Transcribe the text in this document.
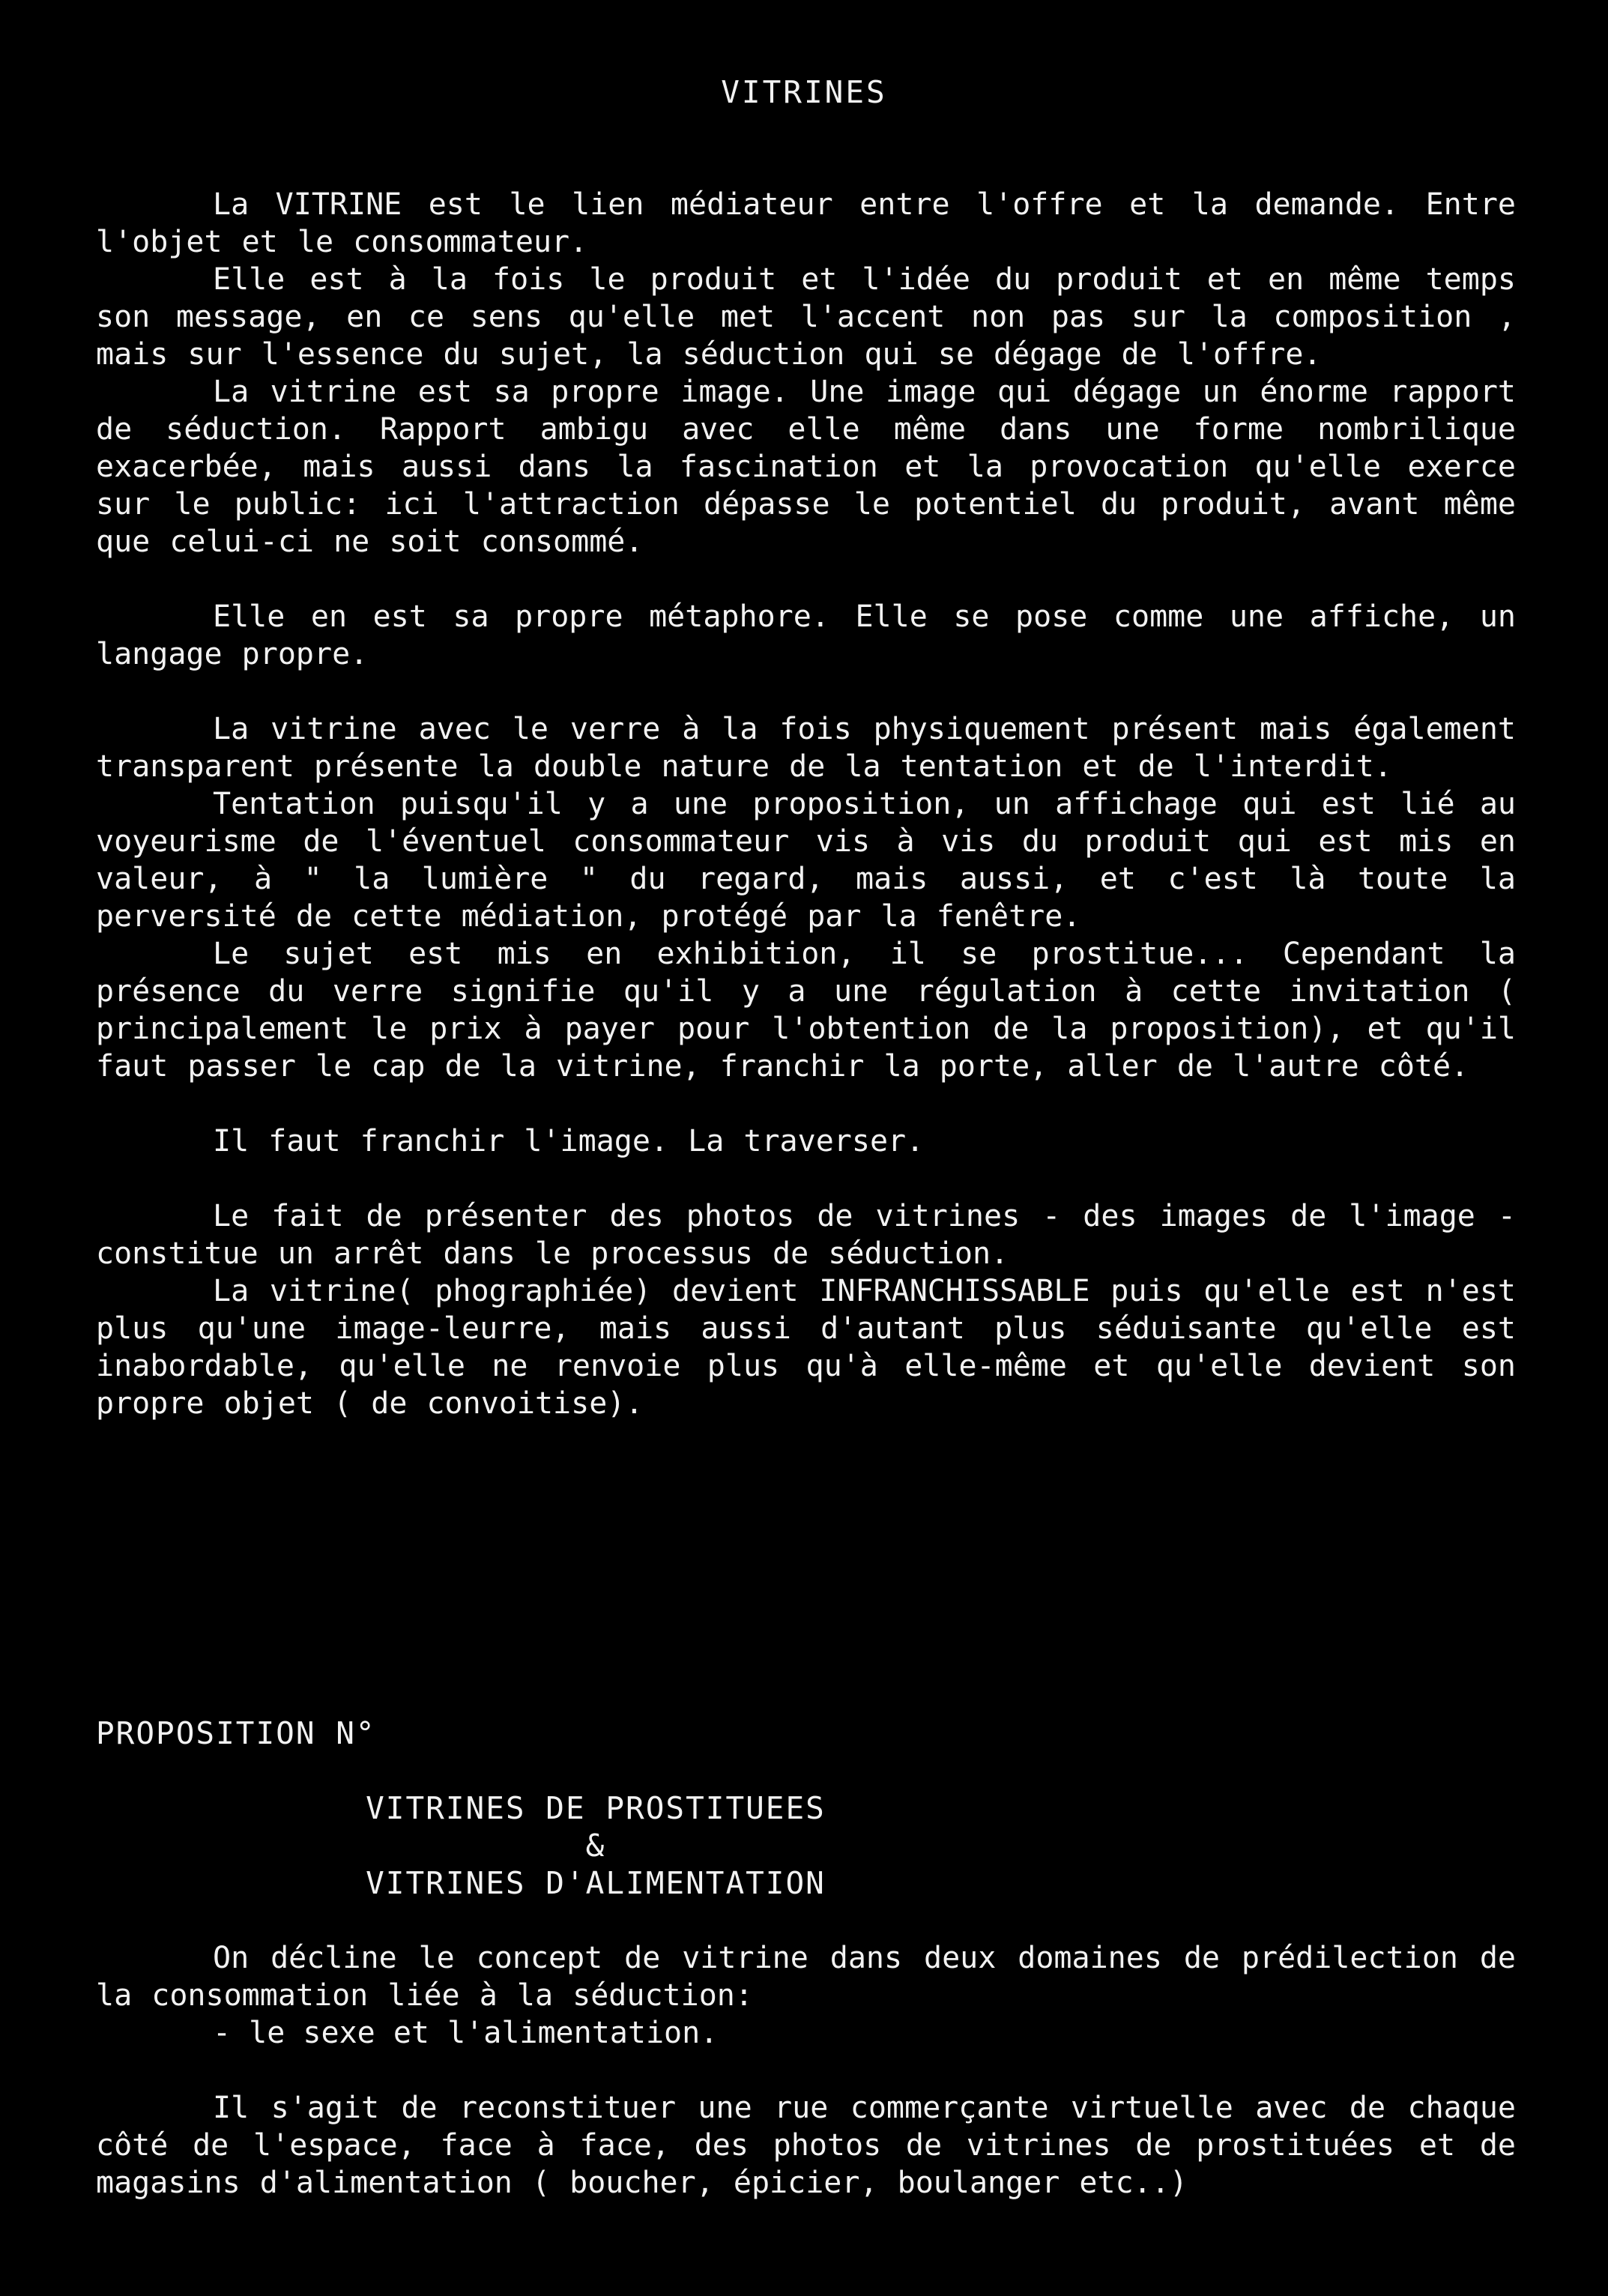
VITRINES

La VITRINE est le lien médiateur entre l'offre et la demande. Entre l'objet et le consommateur.

Elle est à la fois le produit et l'idée du produit et en même temps son message, en ce sens qu'elle met l'accent non pas sur la composition , mais sur l'essence du sujet, la séduction qui se dégage de l'offre.

La vitrine est sa propre image. Une image qui dégage un énorme rapport de séduction. Rapport ambigu avec elle même dans une forme nombrilique exacerbée, mais aussi dans la fascination et la provocation qu'elle exerce sur le public: ici l'attraction dépasse le potentiel du produit, avant même que celui-ci ne soit consommé.

Elle en est sa propre métaphore. Elle se pose comme une affiche, un langage propre.

La vitrine avec le verre à la fois physiquement présent mais également transparent présente la double nature de la tentation et de l'interdit.

Tentation puisqu'il y a une proposition, un affichage qui est lié au voyeurisme de l'éventuel consommateur vis à vis du produit qui est mis en valeur, à " la lumière " du regard, mais aussi, et c'est là toute la perversité de cette médiation, protégé par la fenêtre.

Le sujet est mis en exhibition, il se prostitue... Cependant la présence du verre signifie qu'il y a une régulation à cette invitation ( principalement le prix à payer pour l'obtention de la proposition), et qu'il faut passer le cap de la vitrine, franchir la porte, aller de l'autre côté.

Il faut franchir l'image. La traverser.

Le fait de présenter des photos de vitrines - des images de l'image - constitue un arrêt dans le processus de séduction.

La vitrine( phographiée) devient INFRANCHISSABLE puis qu'elle est n'est plus qu'une image-leurre, mais aussi d'autant plus séduisante qu'elle est inabordable, qu'elle ne renvoie plus qu'à elle-même et qu'elle devient son propre objet ( de convoitise).

PROPOSITION N°
VITRINES DE PROSTITUEES
&
VITRINES D'ALIMENTATION

On décline le concept de vitrine dans deux domaines de prédilection de la consommation liée à la séduction:

- le sexe et l'alimentation.

Il s'agit de reconstituer une rue commerçante virtuelle avec de chaque côté de l'espace, face à face, des photos de vitrines de prostituées et de magasins d'alimentation ( boucher, épicier, boulanger etc..)
